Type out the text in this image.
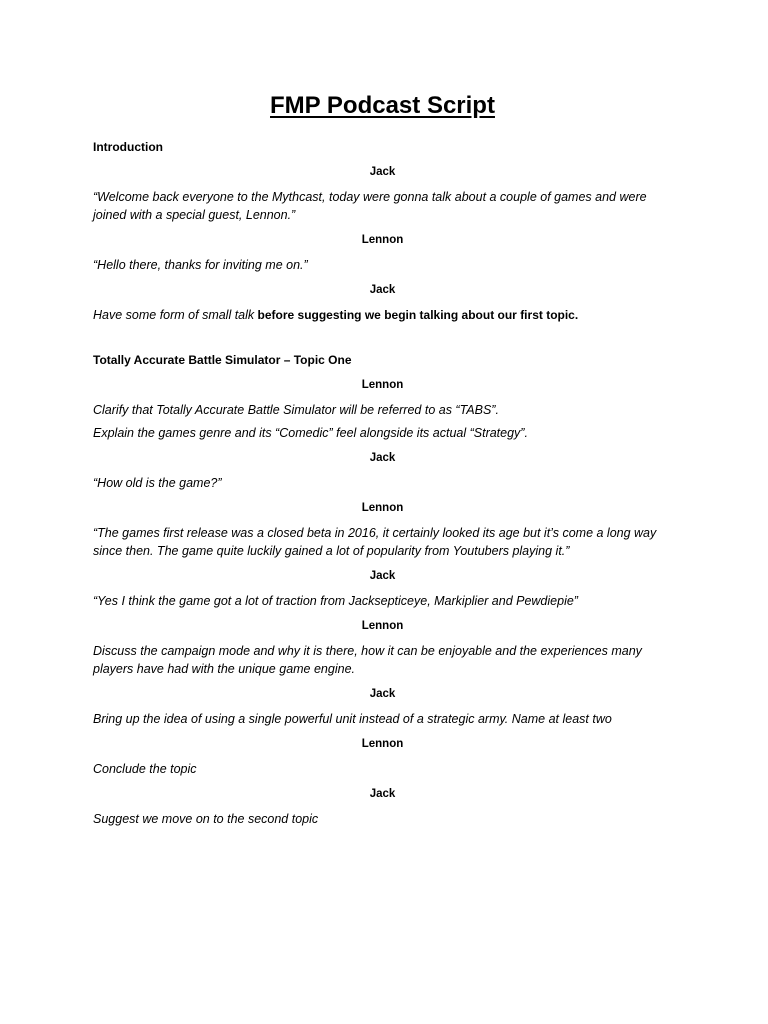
FMP Podcast Script
Introduction
Jack
“Welcome back everyone to the Mythcast, today were gonna talk about a couple of games and were joined with a special guest, Lennon.”
Lennon
“Hello there, thanks for inviting me on.”
Jack
Have some form of small talk before suggesting we begin talking about our first topic.
Totally Accurate Battle Simulator – Topic One
Lennon
Clarify that Totally Accurate Battle Simulator will be referred to as “TABS”.
Explain the games genre and its “Comedic” feel alongside its actual “Strategy”.
Jack
“How old is the game?”
Lennon
“The games first release was a closed beta in 2016, it certainly looked its age but it’s come a long way since then. The game quite luckily gained a lot of popularity from Youtubers playing it.”
Jack
“Yes I think the game got a lot of traction from Jacksepticeye, Markiplier and Pewdiepie”
Lennon
Discuss the campaign mode and why it is there, how it can be enjoyable and the experiences many players have had with the unique game engine.
Jack
Bring up the idea of using a single powerful unit instead of a strategic army. Name at least two
Lennon
Conclude the topic
Jack
Suggest we move on to the second topic
